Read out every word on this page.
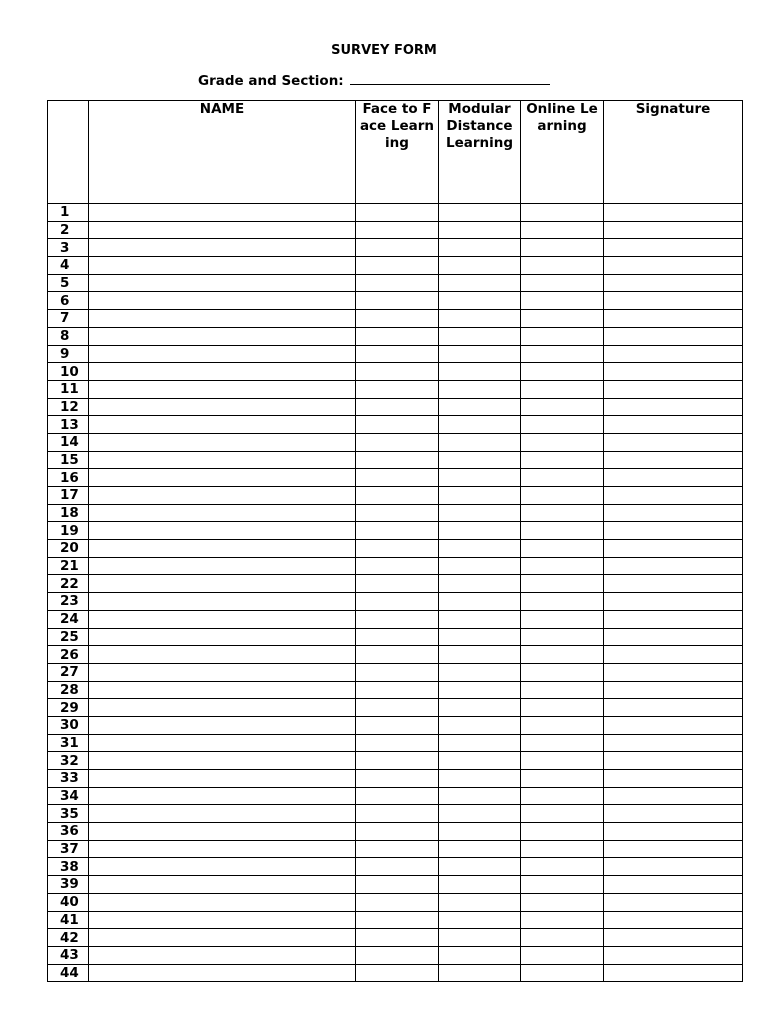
SURVEY FORM
Grade and Section:
	NAME	Face to Face Learning	Modular Distance Learning	Online Learning	Signature
1					
2					
3					
4					
5					
6					
7					
8					
9					
10					
11					
12					
13					
14					
15					
16					
17					
18					
19					
20					
21					
22					
23					
24					
25					
26					
27					
28					
29					
30					
31					
32					
33					
34					
35					
36					
37					
38					
39					
40					
41					
42					
43					
44					
